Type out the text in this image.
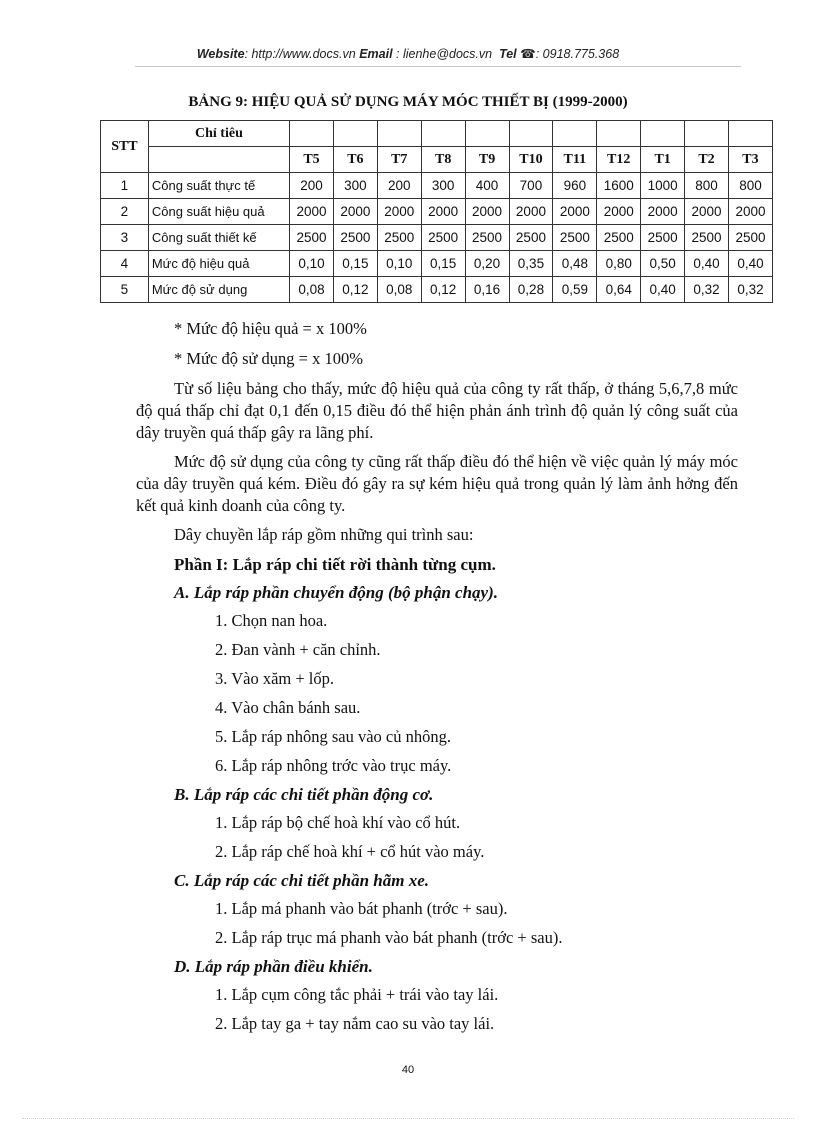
Website: http://www.docs.vn Email : lienhe@docs.vn Tel ☎: 0918.775.368
BẢNG 9: HIỆU QUẢ SỬ DỤNG MÁY MÓC THIẾT BỊ (1999-2000)
STT	Chỉ tiêu											
		T5	T6	T7	T8	T9	T10	T11	T12	T1	T2	T3
1	Công suất thực tế	200	300	200	300	400	700	960	1600	1000	800	800
2	Công suất hiệu quả	2000	2000	2000	2000	2000	2000	2000	2000	2000	2000	2000
3	Công suất thiết kế	2500	2500	2500	2500	2500	2500	2500	2500	2500	2500	2500
4	Mức độ hiệu quả	0,10	0,15	0,10	0,15	0,20	0,35	0,48	0,80	0,50	0,40	0,40
5	Mức độ sử dụng	0,08	0,12	0,08	0,12	0,16	0,28	0,59	0,64	0,40	0,32	0,32

* Mức độ hiệu quả = x 100%

* Mức độ sử dụng = x 100%

Từ số liệu bảng cho thấy, mức độ hiệu quả của công ty rất thấp, ở tháng 5,6,7,8 mức độ quá thấp chỉ đạt 0,1 đến 0,15 điều đó thể hiện phản ánh trình độ quản lý công suất của dây truyền quá thấp gây ra lãng phí.

Mức độ sử dụng của công ty cũng rất thấp điều đó thể hiện về việc quản lý máy móc của dây truyền quá kém. Điều đó gây ra sự kém hiệu quả trong quản lý làm ảnh hởng đến kết quả kinh doanh của công ty.

Dây chuyền lắp ráp gồm những qui trình sau:

Phần I: Lắp ráp chi tiết rời thành từng cụm.

A. Lắp ráp phần chuyển động (bộ phận chạy).

1. Chọn nan hoa.

2. Đan vành + căn chỉnh.

3. Vào xăm + lốp.

4. Vào chân bánh sau.

5. Lắp ráp nhông sau vào củ nhông.

6. Lắp ráp nhông trớc vào trục máy.

B. Lắp ráp các chi tiết phần động cơ.

1. Lắp ráp bộ chế hoà khí vào cổ hút.

2. Lắp ráp chế hoà khí + cổ hút vào máy.

C. Lắp ráp các chi tiết phần hãm xe.

1. Lắp má phanh vào bát phanh (trớc + sau).

2. Lắp ráp trục má phanh vào bát phanh (trớc + sau).

D. Lắp ráp phần điều khiển.

1. Lắp cụm công tắc phải + trái vào tay lái.

2. Lắp tay ga + tay nắm cao su vào tay lái.

40
